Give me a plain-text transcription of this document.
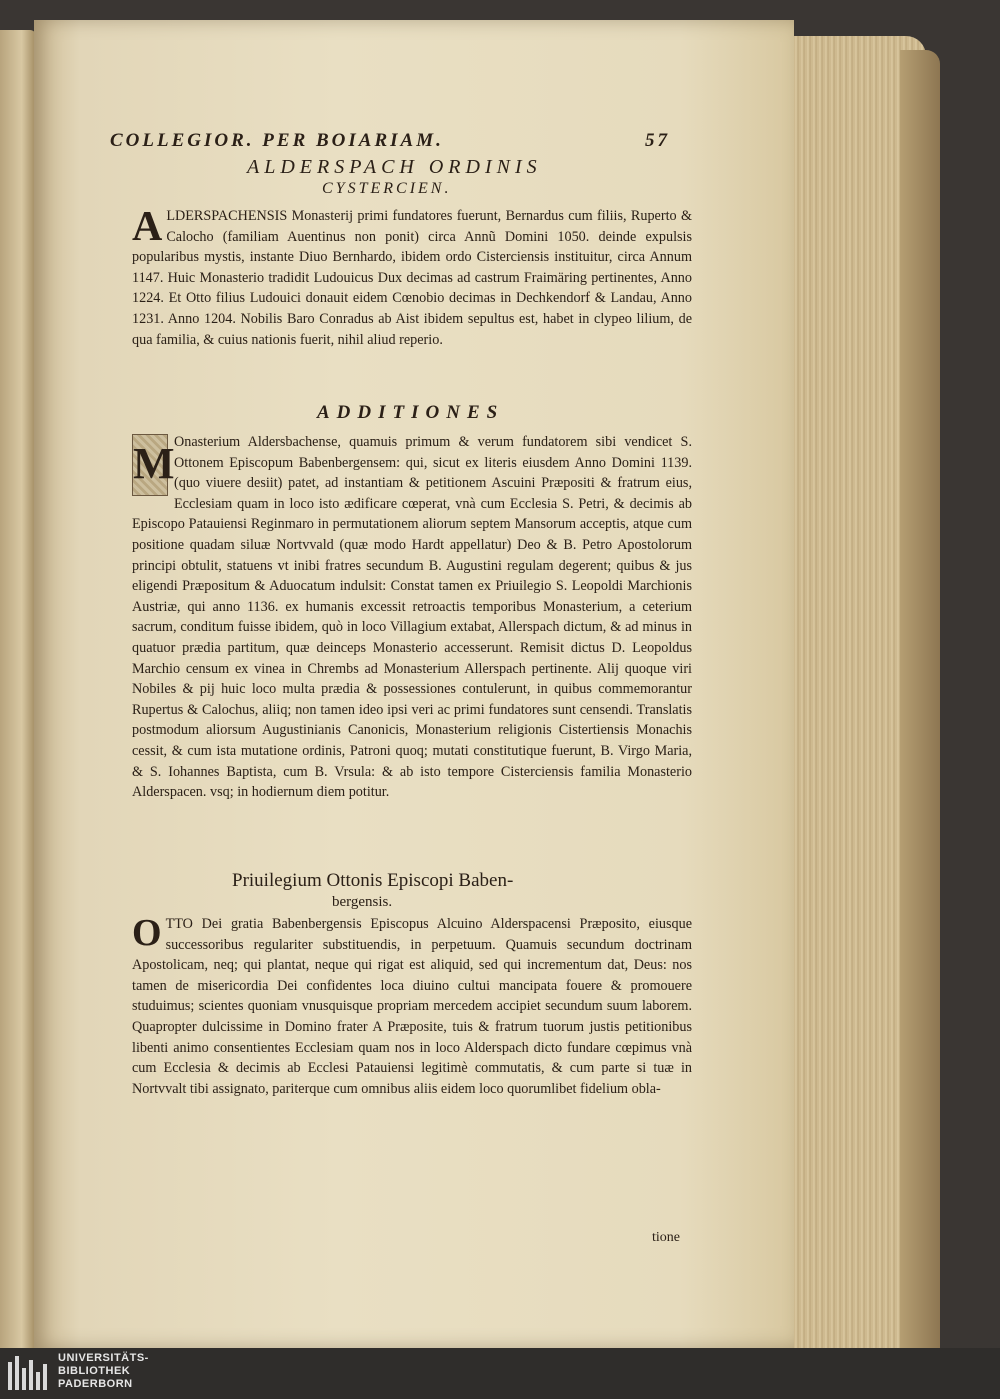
COLLEGIOR. PER BOIARIAM.	57
ALDERSPACH ORDINIS
CYSTERCIEN.
ALDERSPACHENSIS Monasterij primi fundatores fuerunt, Bernardus cum filiis, Ruperto & Calocho (familiam Auentinus non ponit) circa Annũ Domini 1050. deinde expulsis popularibus mystis, instante Diuo Bernhardo, ibidem ordo Cisterciensis instituitur, circa Annum 1147. Huic Monasterio tradidit Ludouicus Dux decimas ad castrum Fraimäring pertinentes, Anno 1224. Et Otto filius Ludouici donauit eidem Cœnobio decimas in Dechkendorf & Landau, Anno 1231. Anno 1204. Nobilis Baro Conradus ab Aist ibidem sepultus est, habet in clypeo lilium, de qua familia, & cuius nationis fuerit, nihil aliud reperio.
ADDITIONES
M Onasterium Aldersbachense, quamuis primum & verum fundatorem sibi vendicet S. Ottonem Episcopum Babenbergensem: qui, sicut ex literis eiusdem Anno Domini 1139. (quo viuere desiit) patet, ad instantiam & petitionem Ascuini Præpositi & fratrum eius, Ecclesiam quam in loco isto ædificare cœperat, vnà cum Ecclesia S. Petri, & decimis ab Episcopo Patauiensi Reginmaro in permutationem aliorum septem Mansorum acceptis, atque cum positione quadam siluæ Nortvvald (quæ modo Hardt appellatur) Deo & B. Petro Apostolorum principi obtulit, statuens vt inibi fratres secundum B. Augustini regulam degerent; quibus & jus eligendi Præpositum & Aduocatum indulsit: Constat tamen ex Priuilegio S. Leopoldi Marchionis Austriæ, qui anno 1136. ex humanis excessit retroactis temporibus Monasterium, a ceterium sacrum, conditum fuisse ibidem, quò in loco Villagium extabat, Allerspach dictum, & ad minus in quatuor prædia partitum, quæ deinceps Monasterio accesserunt. Remisit dictus D. Leopoldus Marchio censum ex vinea in Chrembs ad Monasterium Allerspach pertinente. Alij quoque viri Nobiles & pij huic loco multa prædia & possessiones contulerunt, in quibus commemorantur Rupertus & Calochus, aliiq; non tamen ideo ipsi veri ac primi fundatores sunt censendi. Translatis postmodum aliorsum Augustinianis Canonicis, Monasterium religionis Cistertiensis Monachis cessit, & cum ista mutatione ordinis, Patroni quoq; mutati constitutique fuerunt, B. Virgo Maria, & S. Iohannes Baptista, cum B. Vrsula: & ab isto tempore Cisterciensis familia Monasterio Alderspacen. vsq; in hodiernum diem potitur.
Priuilegium Ottonis Episcopi Baben-
bergensis.
OTTO Dei gratia Babenbergensis Episcopus Alcuino Alderspacensi Præposito, eiusque successoribus regulariter substituendis, in perpetuum. Quamuis secundum doctrinam Apostolicam, neq; qui plantat, neque qui rigat est aliquid, sed qui incrementum dat, Deus: nos tamen de misericordia Dei confidentes loca diuino cultui mancipata fouere & promouere studuimus; scientes quoniam vnusquisque propriam mercedem accipiet secundum suum laborem. Quapropter dulcissime in Domino frater A Præposite, tuis & fratrum tuorum justis petitionibus libenti animo consentientes Ecclesiam quam nos in loco Alderspach dicto fundare cœpimus vnà cum Ecclesia & decimis ab Ecclesi Patauiensi legitimè commutatis, & cum parte si tuæ in Nortvvalt tibi assignato, pariterque cum omnibus aliis eidem loco quorumlibet fidelium obla-
tione
UNIVERSITÄTS-
BIBLIOTHEK
PADERBORN
